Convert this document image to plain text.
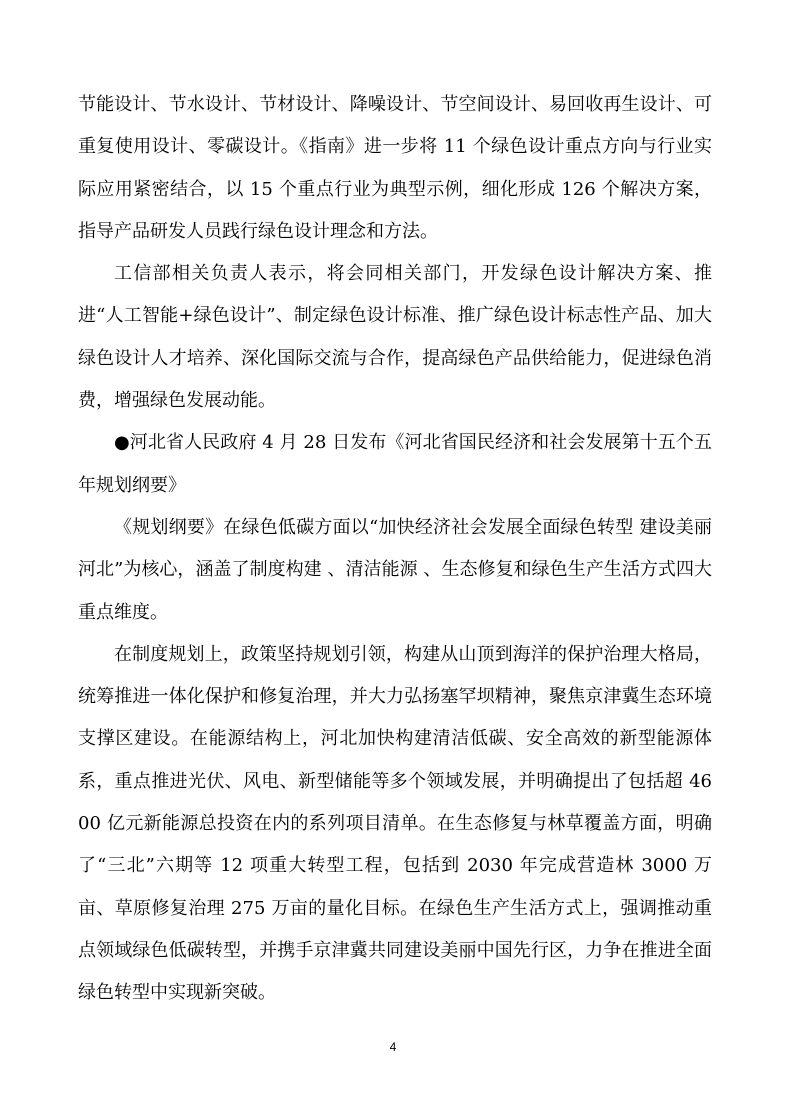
节能设计、节水设计、节材设计、降噪设计、节空间设计、易回收再生设计、可重复使用设计、零碳设计。《指南》进一步将 11 个绿色设计重点方向与行业实际应用紧密结合，以 15 个重点行业为典型示例，细化形成 126 个解决方案，指导产品研发人员践行绿色设计理念和方法。

工信部相关负责人表示，将会同相关部门，开发绿色设计解决方案、推进“人工智能+绿色设计”、制定绿色设计标准、推广绿色设计标志性产品、加大绿色设计人才培养、深化国际交流与合作，提高绿色产品供给能力，促进绿色消费，增强绿色发展动能。

●河北省人民政府 4 月 28 日发布《河北省国民经济和社会发展第十五个五年规划纲要》

《规划纲要》在绿色低碳方面以“加快经济社会发展全面绿色转型 建设美丽河北”为核心，涵盖了制度构建 、清洁能源 、生态修复和绿色生产生活方式四大重点维度。

在制度规划上，政策坚持规划引领，构建从山顶到海洋的保护治理大格局，统筹推进一体化保护和修复治理，并大力弘扬塞罕坝精神，聚焦京津冀生态环境支撑区建设。在能源结构上，河北加快构建清洁低碳、安全高效的新型能源体系，重点推进光伏、风电、新型储能等多个领域发展，并明确提出了包括超 4600 亿元新能源总投资在内的系列项目清单。在生态修复与林草覆盖方面，明确了“三北”六期等 12 项重大转型工程，包括到 2030 年完成营造林 3000 万亩、草原修复治理 275 万亩的量化目标。在绿色生产生活方式上，强调推动重点领域绿色低碳转型，并携手京津冀共同建设美丽中国先行区，力争在推进全面绿色转型中实现新突破。

4
